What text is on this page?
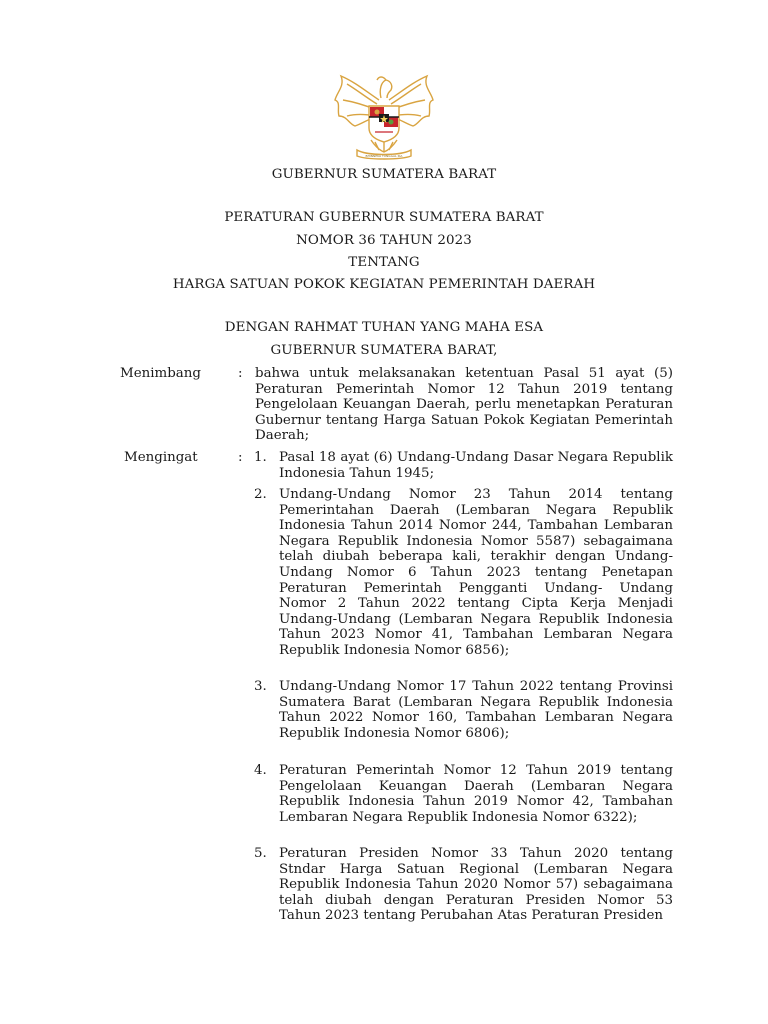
BHINNEKA TUNGGAL IKA
GUBERNUR SUMATERA BARAT
PERATURAN GUBERNUR SUMATERA BARAT
NOMOR 36 TAHUN 2023
TENTANG
HARGA SATUAN POKOK KEGIATAN PEMERINTAH DAERAH
DENGAN RAHMAT TUHAN YANG MAHA ESA
GUBERNUR SUMATERA BARAT,
Menimbang	: bahwa untuk melaksanakan ketentuan Pasal 51 ayat (5) Peraturan Pemerintah Nomor 12 Tahun 2019 tentang Pengelolaan Keuangan Daerah, perlu menetapkan Peraturan Gubernur tentang Harga Satuan Pokok Kegiatan Pemerintah Daerah;
Mengingat	: 1. Pasal 18 ayat (6) Undang-Undang Dasar Negara Republik Indonesia Tahun 1945;
2. Undang-Undang Nomor 23 Tahun 2014 tentang Pemerintahan Daerah (Lembaran Negara Republik Indonesia Tahun 2014 Nomor 244, Tambahan Lembaran Negara Republik Indonesia Nomor 5587) sebagaimana telah diubah beberapa kali, terakhir dengan Undang-Undang Nomor 6 Tahun 2023 tentang Penetapan Peraturan Pemerintah Pengganti Undang- Undang Nomor 2 Tahun 2022 tentang Cipta Kerja Menjadi Undang-Undang (Lembaran Negara Republik Indonesia Tahun 2023 Nomor 41, Tambahan Lembaran Negara Republik Indonesia Nomor 6856);
3. Undang-Undang Nomor 17 Tahun 2022 tentang Provinsi Sumatera Barat (Lembaran Negara Republik Indonesia Tahun 2022 Nomor 160, Tambahan Lembaran Negara Republik Indonesia Nomor 6806);
4. Peraturan Pemerintah Nomor 12 Tahun 2019 tentang Pengelolaan Keuangan Daerah (Lembaran Negara Republik Indonesia Tahun 2019 Nomor 42, Tambahan Lembaran Negara Republik Indonesia Nomor 6322);
5. Peraturan Presiden Nomor 33 Tahun 2020 tentang Stndar Harga Satuan Regional (Lembaran Negara Republik Indonesia Tahun 2020 Nomor 57) sebagaimana telah diubah dengan Peraturan Presiden Nomor 53 Tahun 2023 tentang Perubahan Atas Peraturan Presiden
